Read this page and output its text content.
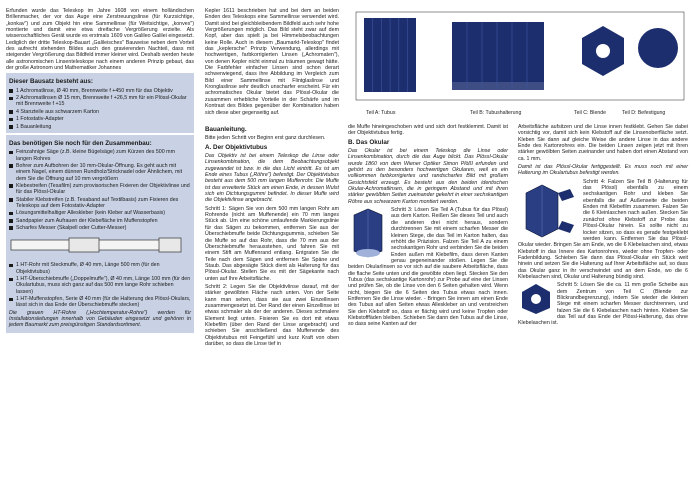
Erfunden wurde das Teleskop im Jahre 1608 von einem holländischen Brillenmacher, der vor das Auge eine Zerstreuungslinse (für Kurzsichtige, „konkav") und zum Objekt hin eine Sammellinse (für Weitsichtige, „konvex") montierte und damit eine etwa dreifache Vergrößerung erzielte. Als wissenschaftliches Gerät wurde es erstmals 1609 von Galileo Galilei eingesetzt. Lediglich der dritte Teleskop-Bauart „Galileisches" Bauweise neben dem Vorteil des aufrecht stehenden Bildes auch den gravierenden Nachteil, dass mit steigender Vergrößerung das Bildfeld immer kleiner wird. Deshalb werden heute alle astronomischen Linsenteleskope nach einem anderen Prinzip gebaut, das der große Astronom und Mathematiker Johannes

Dieser Bausatz besteht aus:
1 Achromatlinse, Ø 40 mm, Brennweite f +450 mm für das Objektiv
2 Achromatlinsen Ø 15 mm, Brennweite f +26,5 mm für ein Plössl-Okular mit Brennweite f +15
4 Stanzteile aus schwarzem Karton
1 Fotostativ-Adapter
1 Bauanleitung
Das benötigen Sie noch für den Zusammenbau:
Feinzahnige Säge (z.B. kleine Bügelsäge) zum Kürzen des 500 mm langen Rohres
Bohrer zum Aufbohren der 10 mm-Okular-Öffnung. Es geht auch mit einem Nagel, einem dünnen Rundholz/Stricknadel oder Ähnlichem, mit dem Sie die Öffnung auf 10 mm vergrößern
Klebestreifen (Tesafilm) zum provisorischen Fixieren der Objektivlinse und für das Plössl-Okular
Stabiler Klebstreifen (z.B. Tesaband auf Textilbasis) zum Fixieren des Teleskops auf dem Fotostativ-Adapter
Lösungsmittelhaltiger Alleskleber (kein Kleber auf Wasserbasis)
Sandpapier zum Aufrauen der Klebefläche im Muffenstopfen
Scharfes Messer (Skalpell oder Cutter-Messer)
1 HT-Rohr mit Steckmuffe, Ø 40 mm, Länge 500 mm (für den Objektivtubus)
1 HT-Überschiebmuffe („Doppelmuffe"), Ø 40 mm, Länge 100 mm (für den Okulartubus, muss sich ganz auf das 500 mm lange Rohr schieben lassen)
1 HT-Muffenstopfen, Serie Ø 40 mm (für die Halterung des Plössl-Okulars, lässt sich in das Ende der Überschiebmuffe stecken)

Die grauen HT-Rohre („Hochtemperatur-Rohre") werden für Installationsleitungen innerhalb von Gebäuden eingesetzt und gehören in jedem Baumarkt zum preisgünstigen Standardsortiment.

Kepler 1611 beschrieben hat und bei dem an beiden Enden des Teleskops eine Sammellinse verwendet wird. Damit sind bei gleichbleibendem Bildfeld auch sehr hohe Vergrößerungen möglich. Das Bild steht zwar auf dem Kopf, aber das spielt ja bei Himmelsbeobachtungen keine Rolle. Auch in diesem „Baumarkt-Teleskop" findet das „keplersche" Prinzip Verwendung, allerdings mit hochwertigen, farbkorrigierten Linsen („Achromaten"), von denen Kepler nicht einmal zu träumen gewagt hätte. Die Farbfehler einfacher Linsen sind schon derart schwerwiegend, dass ihre Abbildung im Vergleich zum Bild einer Sammellinse mit Flintglaslinse und Kronglaslinse sehr deutlich unscharfer erscheint. Für ein achromatisches Okular bietet das Plössl-Okular die zusammen erhebliche Vorteile in der Schärfe und im Kontrast des Bildes gegenüber der Kombination haben sich diese aber gegenseitig auf.

Bauanleitung.

Bitte jeden Schritt vor Beginn erst ganz durchlesen.

A. Der Objektivtubus

Das Objektiv ist bei einem Teleskop die Linse oder Linsenkombination, die dem Beobachtungsobjekt zugewandet ist bzw. in die das Licht eintritt. Es ist am Ende eines Tubus („Röhre") befestigt. Der Objektivtubus besteht aus dem 500 mm langen Muffenrohr. Die Muffe ist das erweiterte Stück am einen Ende, in dessen Wulst sich ein Dichtungsgummi befindet. In dieser Muffe wird die Objektivlinse angebracht.

Schritt 1: Sägen Sie von dem 500 mm langen Rohr am Rohrende (nicht am Muffenende) ein 70 mm langes Stück ab. Um eine schöne umlaufende Markierungslinie für das Sägen zu bekommen, entfernen Sie aus der Überschiebmuffe beide Dichtungsgummis, schieben Sie die Muffe so auf das Rohr, dass die 70 mm aus der Überschiebmuffe herausstehen, und fahren Sie mit einem Stift am Muffenrand entlang. Entgraten Sie die Teile nach dem Sägen und entfernen Sie Späne und Staub. Das abgesägte Stück dient als Halterung für das Plössl-Okular. Stellen Sie es mit der Sägekante nach unten auf Ihre Arbeitsfläche.

Schritt 2: Legen Sie die Objektivlinse darauf, mit der stärker gewölbten Fläche nach unten. Von der Seite kann man sehen, dass sie aus zwei Einzellinsen zusammengesetzt ist. Der Rand der einen Einzellinse ist etwas schmaler als der der anderen. Dieses schmalere Element liegt unten. Fixieren Sie es dort mit etwas Klebefilm (über den Rand der Linse angebracht) und schieben Sie anschließend das Muffenende des Objektivtubus mit Feingefühl und kurz Kraft von oben darüber, so dass die Linse tief in

Teil A: Tubus	Teil B: Tubushalterung	Teil C: Blende	Teil D: Befestigung

die Muffe hineingeschoben wird und sich dort festklemmt. Damit ist der Objektivtubus fertig.

B. Das Okular

Das Okular ist bei einem Teleskop die Linse oder Linsenkombination, durch die das Auge blickt. Das Plössl-Okular wurde 1860 von dem Wiener Optiker Simon Plößl erfunden und gehört zu den besonders hochwertigen Okularen, weil es ein vollkommen farbkorrigiertes und randscharfes Bild mit großem Gesichtsfeld erzeugt. Es besteht aus den beiden identischen Okular-Achromatlinsen, die in geringem Abstand und mit ihren stärker gewölbten Seiten zueinander gekehrt in einer sechskantigen Röhre aus schwarzem Karton montiert werden.

Schritt 3: Lösen Sie Teil A (Tubus für das Plössl) aus dem Karton. Reißen Sie dieses Teil und auch die anderen drei nicht heraus, sondern durchtrennen Sie mit einem scharfen Messer die kleinen Stege, die das Teil im Karton halten, das erhöht die Präzision. Falzen Sie Teil A zu einem sechskantigen Rohr und verbinden Sie die beiden Enden außen mit Klebefilm, dass deren Kanten genau gegeneinander stoßen. Legen Sie die beiden Okularlinsen so vor sich auf die saubere Arbeitsfläche, dass die flache Seite unten und die gewölbte oben liegt. Stecken Sie den Tubus (das sechskantige Kartonrohr) zur Probe auf eine der Linsen und prüfen Sie, ob die Linse von den 6 Seiten gehalten wird. Wenn nicht, biegen Sie die 6 Seiten des Tubus etwas nach innen. Entfernen Sie die Linse wieder. - Bringen Sie innen am einen Ende des Tubus auf allen Seiten etwas Alleskleber an und verstreichen Sie den Klebstoff so, dass er flächig wird und keine Tropfen oder Klebstofffäden bleiben. Schieben Sie dann den Tubus auf die Linse, so dass seine Kanten auf der

Arbeitsfläche aufsitzen und die Linse innen festklebt. Gehen Sie dabei vorsichtig vor, damit sich kein Klebstoff auf die Linsenoberfläche setzt. Kleben Sie dann auf gleiche Weise die andere Linse in das andere Ende des Kartonrohres ein. Die beiden Linsen zeigen jetzt mit ihren stärker gewölbten Seiten zueinander und haben dort einen Abstand von ca. 1 mm.

Damit ist das Plössl-Okular fertiggestellt. Es muss noch mit einer Halterung im Okulartubus befestigt werden.

Schritt 4: Falzen Sie Teil B (Halterung für das Plössl) ebenfalls zu einem sechskantigen Rohr und kleben Sie ebenfalls die auf Außenseite die beiden Enden mit Klebefilm zusammen. Falzen Sie die 6 Kleinlaschen nach außen. Stecken Sie zunächst ohne Klebstoff zur Probe das Plössl-Okular hinein. Es sollte nicht zu locker sitzen, so dass es gerade festgeklebt werden kann. Entfernen Sie das Plössl-Okular wieder. Bringen Sie am Ende, wo die 6 Klebelaschen sind, etwas Klebstoff in das Innere des Kartonrohres, wieder ohne Tropfen- oder Fadenbildung. Schieben Sie dann das Plössl-Okular ein Stück weit hinein und setzen Sie die Halterung auf Ihrer Arbeitsfläche auf, so dass das Okular ganz in ihr verschwindet und an dem Ende, wo die 6 Klebelaschen sind, Okular und Halterung bündig sind.

Schritt 5: Lösen Sie die ca. 11 mm große Scheibe aus dem Zentrum von Teil C (Blende zur Blickrandbegrenzung), indem Sie wieder die kleinen Stege mit einem scharfen Messer durchtrennen, und falzen Sie die 6 Klebelaschen nach hinten. Kleben Sie das Teil auf das Ende der Plössl-Halterung, das ohne Klebelaschen ist.
